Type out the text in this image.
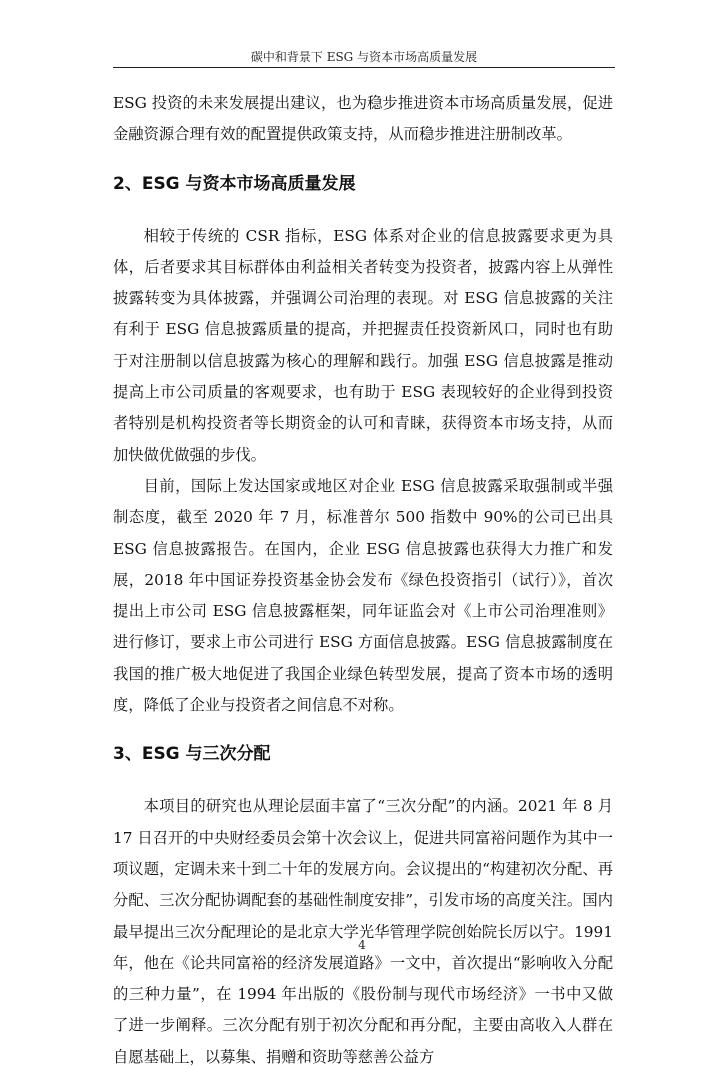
碳中和背景下 ESG 与资本市场高质量发展

ESG 投资的未来发展提出建议，也为稳步推进资本市场高质量发展，促进金融资源合理有效的配置提供政策支持，从而稳步推进注册制改革。

2、ESG 与资本市场高质量发展

相较于传统的 CSR 指标，ESG 体系对企业的信息披露要求更为具体，后者要求其目标群体由利益相关者转变为投资者，披露内容上从弹性披露转变为具体披露，并强调公司治理的表现。对 ESG 信息披露的关注有利于 ESG 信息披露质量的提高，并把握责任投资新风口，同时也有助于对注册制以信息披露为核心的理解和践行。加强 ESG 信息披露是推动提高上市公司质量的客观要求，也有助于 ESG 表现较好的企业得到投资者特别是机构投资者等长期资金的认可和青睐，获得资本市场支持，从而加快做优做强的步伐。

目前，国际上发达国家或地区对企业 ESG 信息披露采取强制或半强制态度，截至 2020 年 7 月，标准普尔 500 指数中 90%的公司已出具 ESG 信息披露报告。在国内，企业 ESG 信息披露也获得大力推广和发展，2018 年中国证券投资基金协会发布《绿色投资指引（试行）》，首次提出上市公司 ESG 信息披露框架，同年证监会对《上市公司治理准则》进行修订，要求上市公司进行 ESG 方面信息披露。ESG 信息披露制度在我国的推广极大地促进了我国企业绿色转型发展，提高了资本市场的透明度，降低了企业与投资者之间信息不对称。

3、ESG 与三次分配

本项目的研究也从理论层面丰富了“三次分配”的内涵。2021 年 8 月 17 日召开的中央财经委员会第十次会议上，促进共同富裕问题作为其中一项议题，定调未来十到二十年的发展方向。会议提出的“构建初次分配、再分配、三次分配协调配套的基础性制度安排”，引发市场的高度关注。国内最早提出三次分配理论的是北京大学光华管理学院创始院长厉以宁。1991 年，他在《论共同富裕的经济发展道路》一文中，首次提出“影响收入分配的三种力量”，在 1994 年出版的《股份制与现代市场经济》一书中又做了进一步阐释。三次分配有别于初次分配和再分配，主要由高收入人群在自愿基础上，以募集、捐赠和资助等慈善公益方

4
